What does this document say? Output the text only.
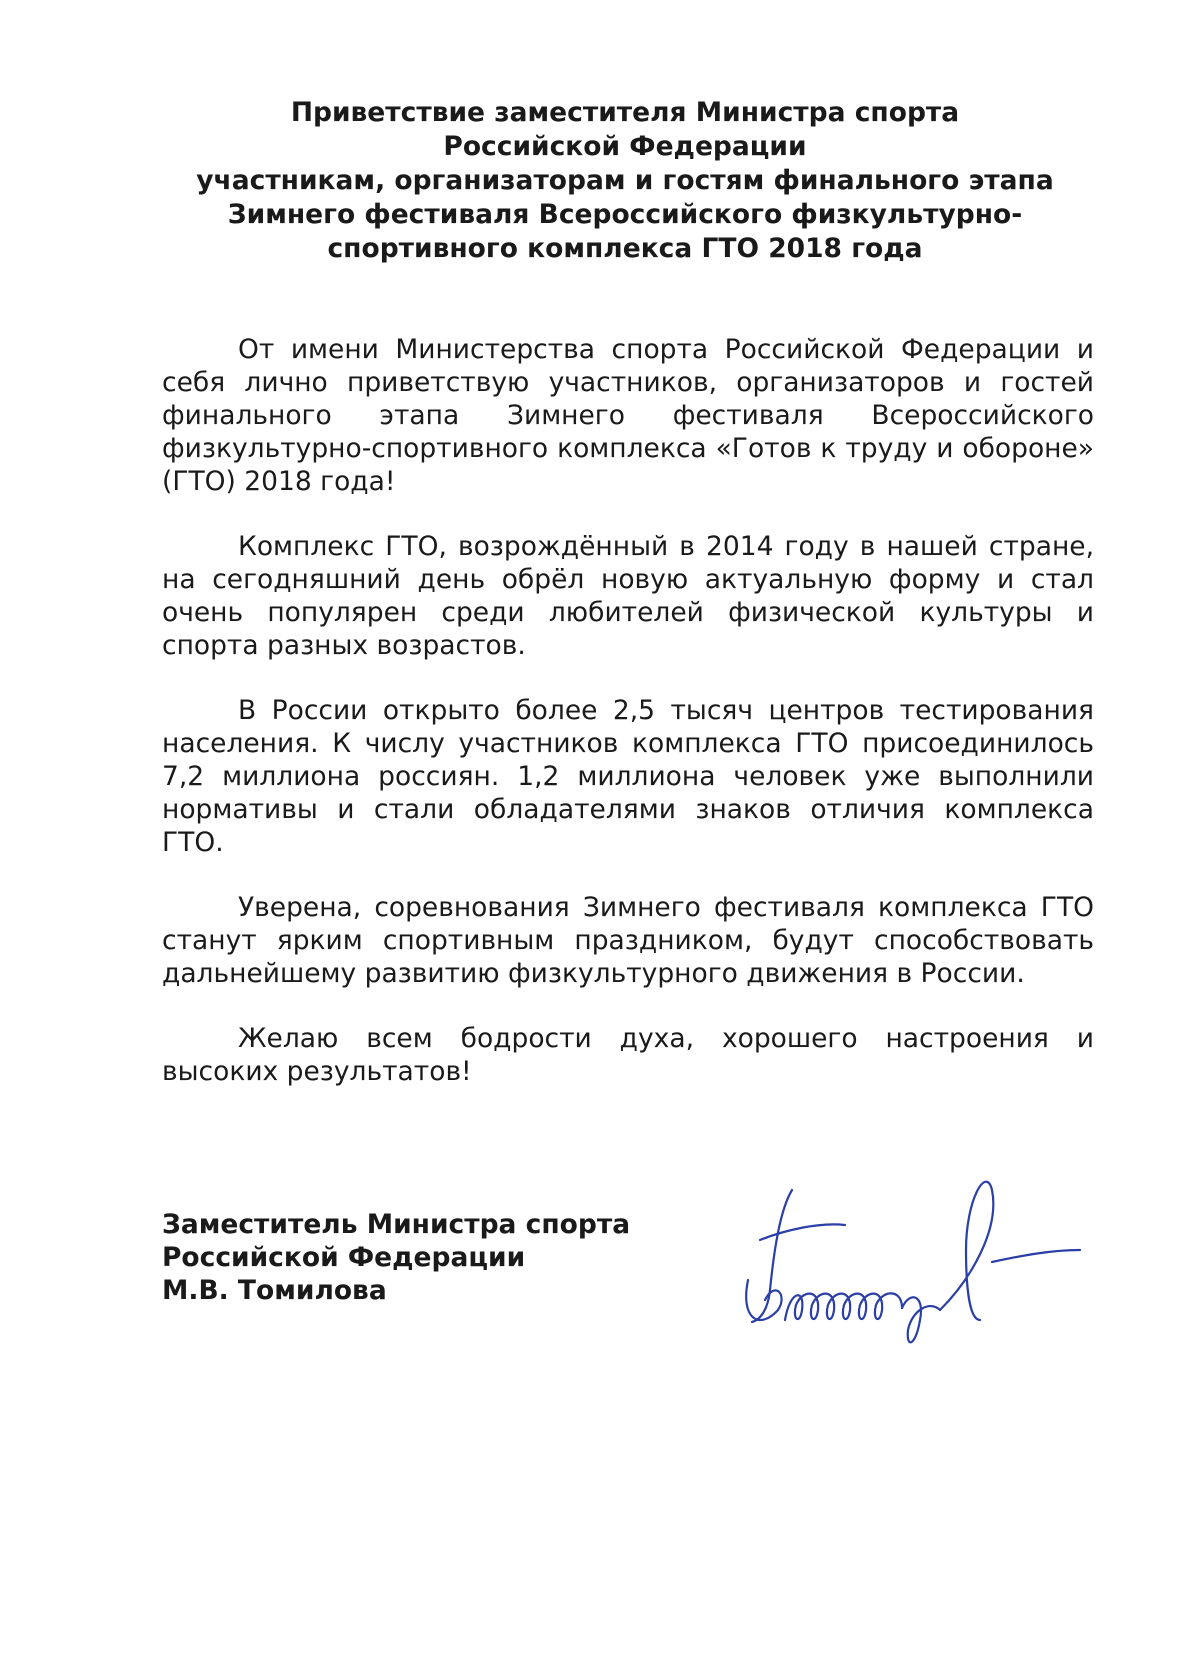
Приветствие заместителя Министра спорта
Российской Федерации
участникам, организаторам и гостям финального этапа
Зимнего фестиваля Всероссийского физкультурно-
спортивного комплекса ГТО 2018 года

От имени Министерства спорта Российской Федерации и себя лично приветствую участников, организаторов и гостей финального этапа Зимнего фестиваля Всероссийского физкультурно-спортивного комплекса «Готов к труду и обороне» (ГТО) 2018 года!

Комплекс ГТО, возрождённый в 2014 году в нашей стране, на сегодняшний день обрёл новую актуальную форму и стал очень популярен среди любителей физической культуры и спорта разных возрастов.

В России открыто более 2,5 тысяч центров тестирования населения. К числу участников комплекса ГТО присоединилось 7,2 миллиона россиян. 1,2 миллиона человек уже выполнили нормативы и стали обладателями знаков отличия комплекса ГТО.

Уверена, соревнования Зимнего фестиваля комплекса ГТО станут ярким спортивным праздником, будут способствовать дальнейшему развитию физкультурного движения в России.

Желаю всем бодрости духа, хорошего настроения и высоких результатов!

Заместитель Министра спорта
Российской Федерации
М.В. Томилова
